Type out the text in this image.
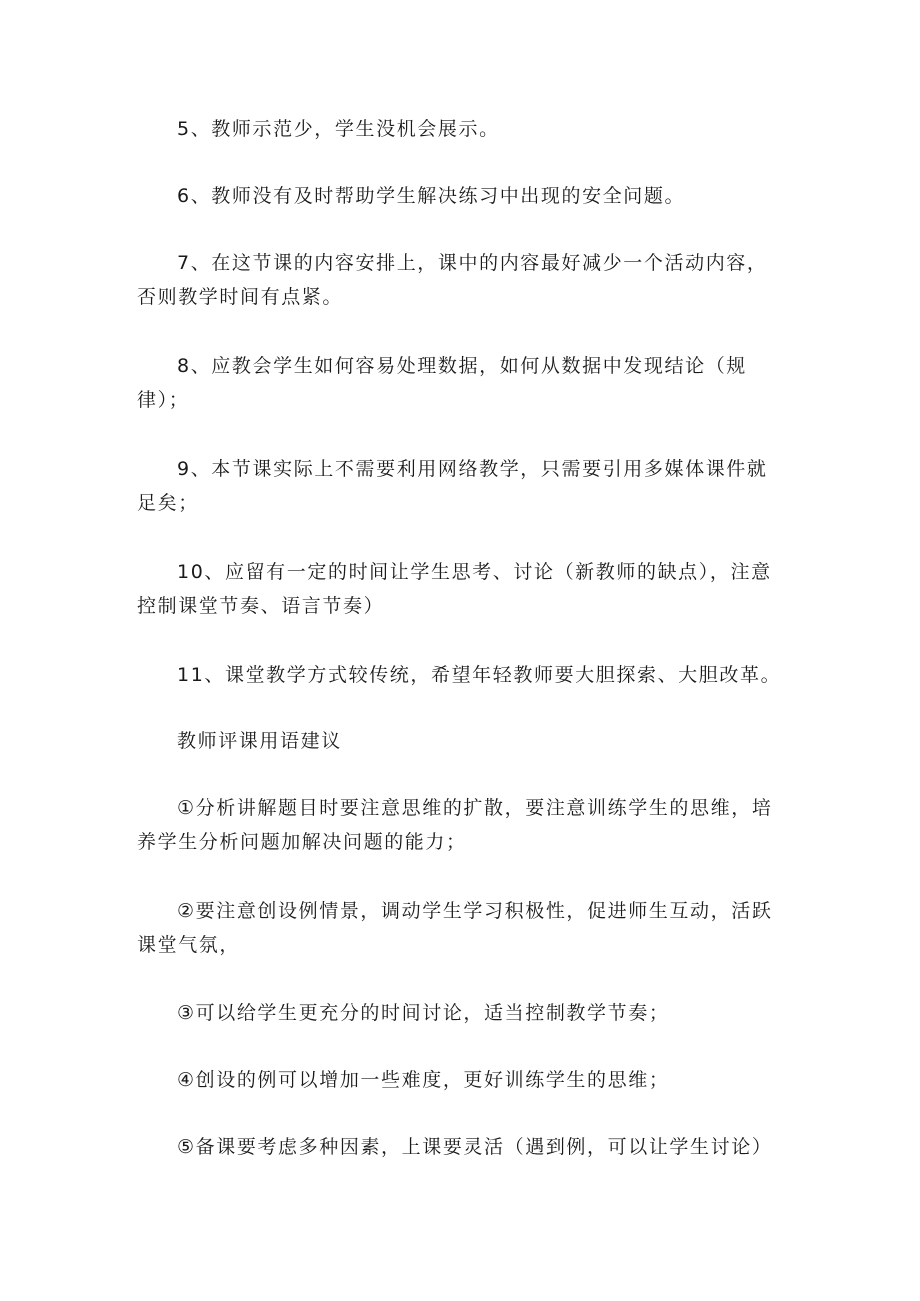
5、教师示范少，学生没机会展示。

6、教师没有及时帮助学生解决练习中出现的安全问题。

7、在这节课的内容安排上，课中的内容最好减少一个活动内容，否则教学时间有点紧。

8、应教会学生如何容易处理数据，如何从数据中发现结论（规律）；

9、本节课实际上不需要利用网络教学，只需要引用多媒体课件就足矣；

10、应留有一定的时间让学生思考、讨论（新教师的缺点），注意控制课堂节奏、语言节奏）

11、课堂教学方式较传统，希望年轻教师要大胆探索、大胆改革。

教师评课用语建议

①分析讲解题目时要注意思维的扩散，要注意训练学生的思维，培养学生分析问题加解决问题的能力；

②要注意创设例情景，调动学生学习积极性，促进师生互动，活跃课堂气氛，

③可以给学生更充分的时间讨论，适当控制教学节奏；

④创设的例可以增加一些难度，更好训练学生的思维；

⑤备课要考虑多种因素，上课要灵活（遇到例，可以让学生讨论）
